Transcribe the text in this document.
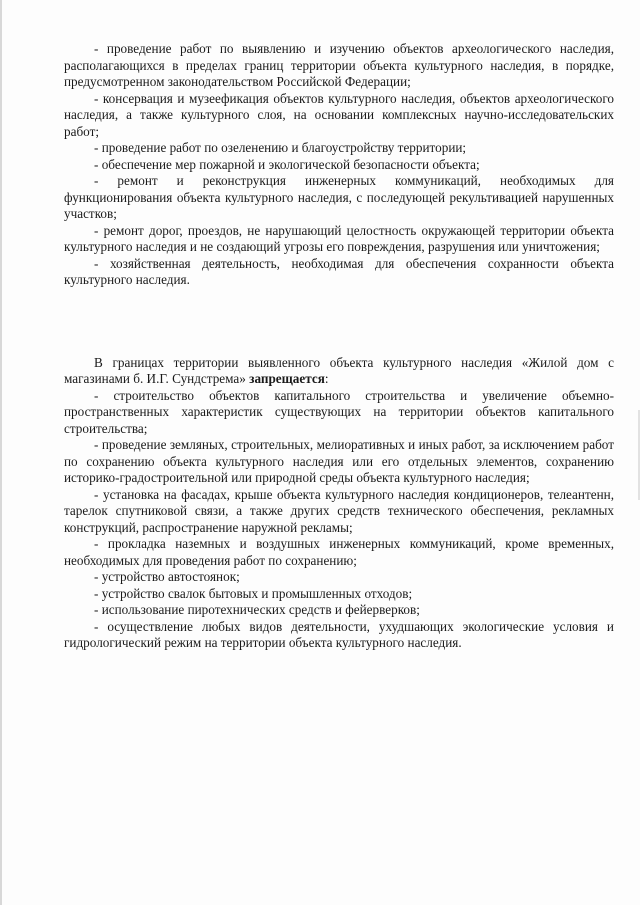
- проведение работ по выявлению и изучению объектов археологического наследия, располагающихся в пределах границ территории объекта культурного наследия, в порядке, предусмотренном законодательством Российской Федерации;

- консервация и музеефикация объектов культурного наследия, объектов археологического наследия, а также культурного слоя, на основании комплексных научно-исследовательских работ;

- проведение работ по озеленению и благоустройству территории;

- обеспечение мер пожарной и экологической безопасности объекта;

- ремонт и реконструкция инженерных коммуникаций, необходимых для функционирования объекта культурного наследия, с последующей рекультивацией нарушенных участков;

- ремонт дорог, проездов, не нарушающий целостность окружающей территории объекта культурного наследия и не создающий угрозы его повреждения, разрушения или уничтожения;

- хозяйственная деятельность, необходимая для обеспечения сохранности объекта культурного наследия.

В границах территории выявленного объекта культурного наследия «Жилой дом с магазинами б. И.Г. Сундстрема» запрещается:

- строительство объектов капитального строительства и увеличение объемно-пространственных характеристик существующих на территории объектов капитального строительства;

- проведение земляных, строительных, мелиоративных и иных работ, за исключением работ по сохранению объекта культурного наследия или его отдельных элементов, сохранению историко-градостроительной или природной среды объекта культурного наследия;

- установка на фасадах, крыше объекта культурного наследия кондиционеров, телеантенн, тарелок спутниковой связи, а также других средств технического обеспечения, рекламных конструкций, распространение наружной рекламы;

- прокладка наземных и воздушных инженерных коммуникаций, кроме временных, необходимых для проведения работ по сохранению;

- устройство автостоянок;

- устройство свалок бытовых и промышленных отходов;

- использование пиротехнических средств и фейерверков;

- осуществление любых видов деятельности, ухудшающих экологические условия и гидрологический режим на территории объекта культурного наследия.
